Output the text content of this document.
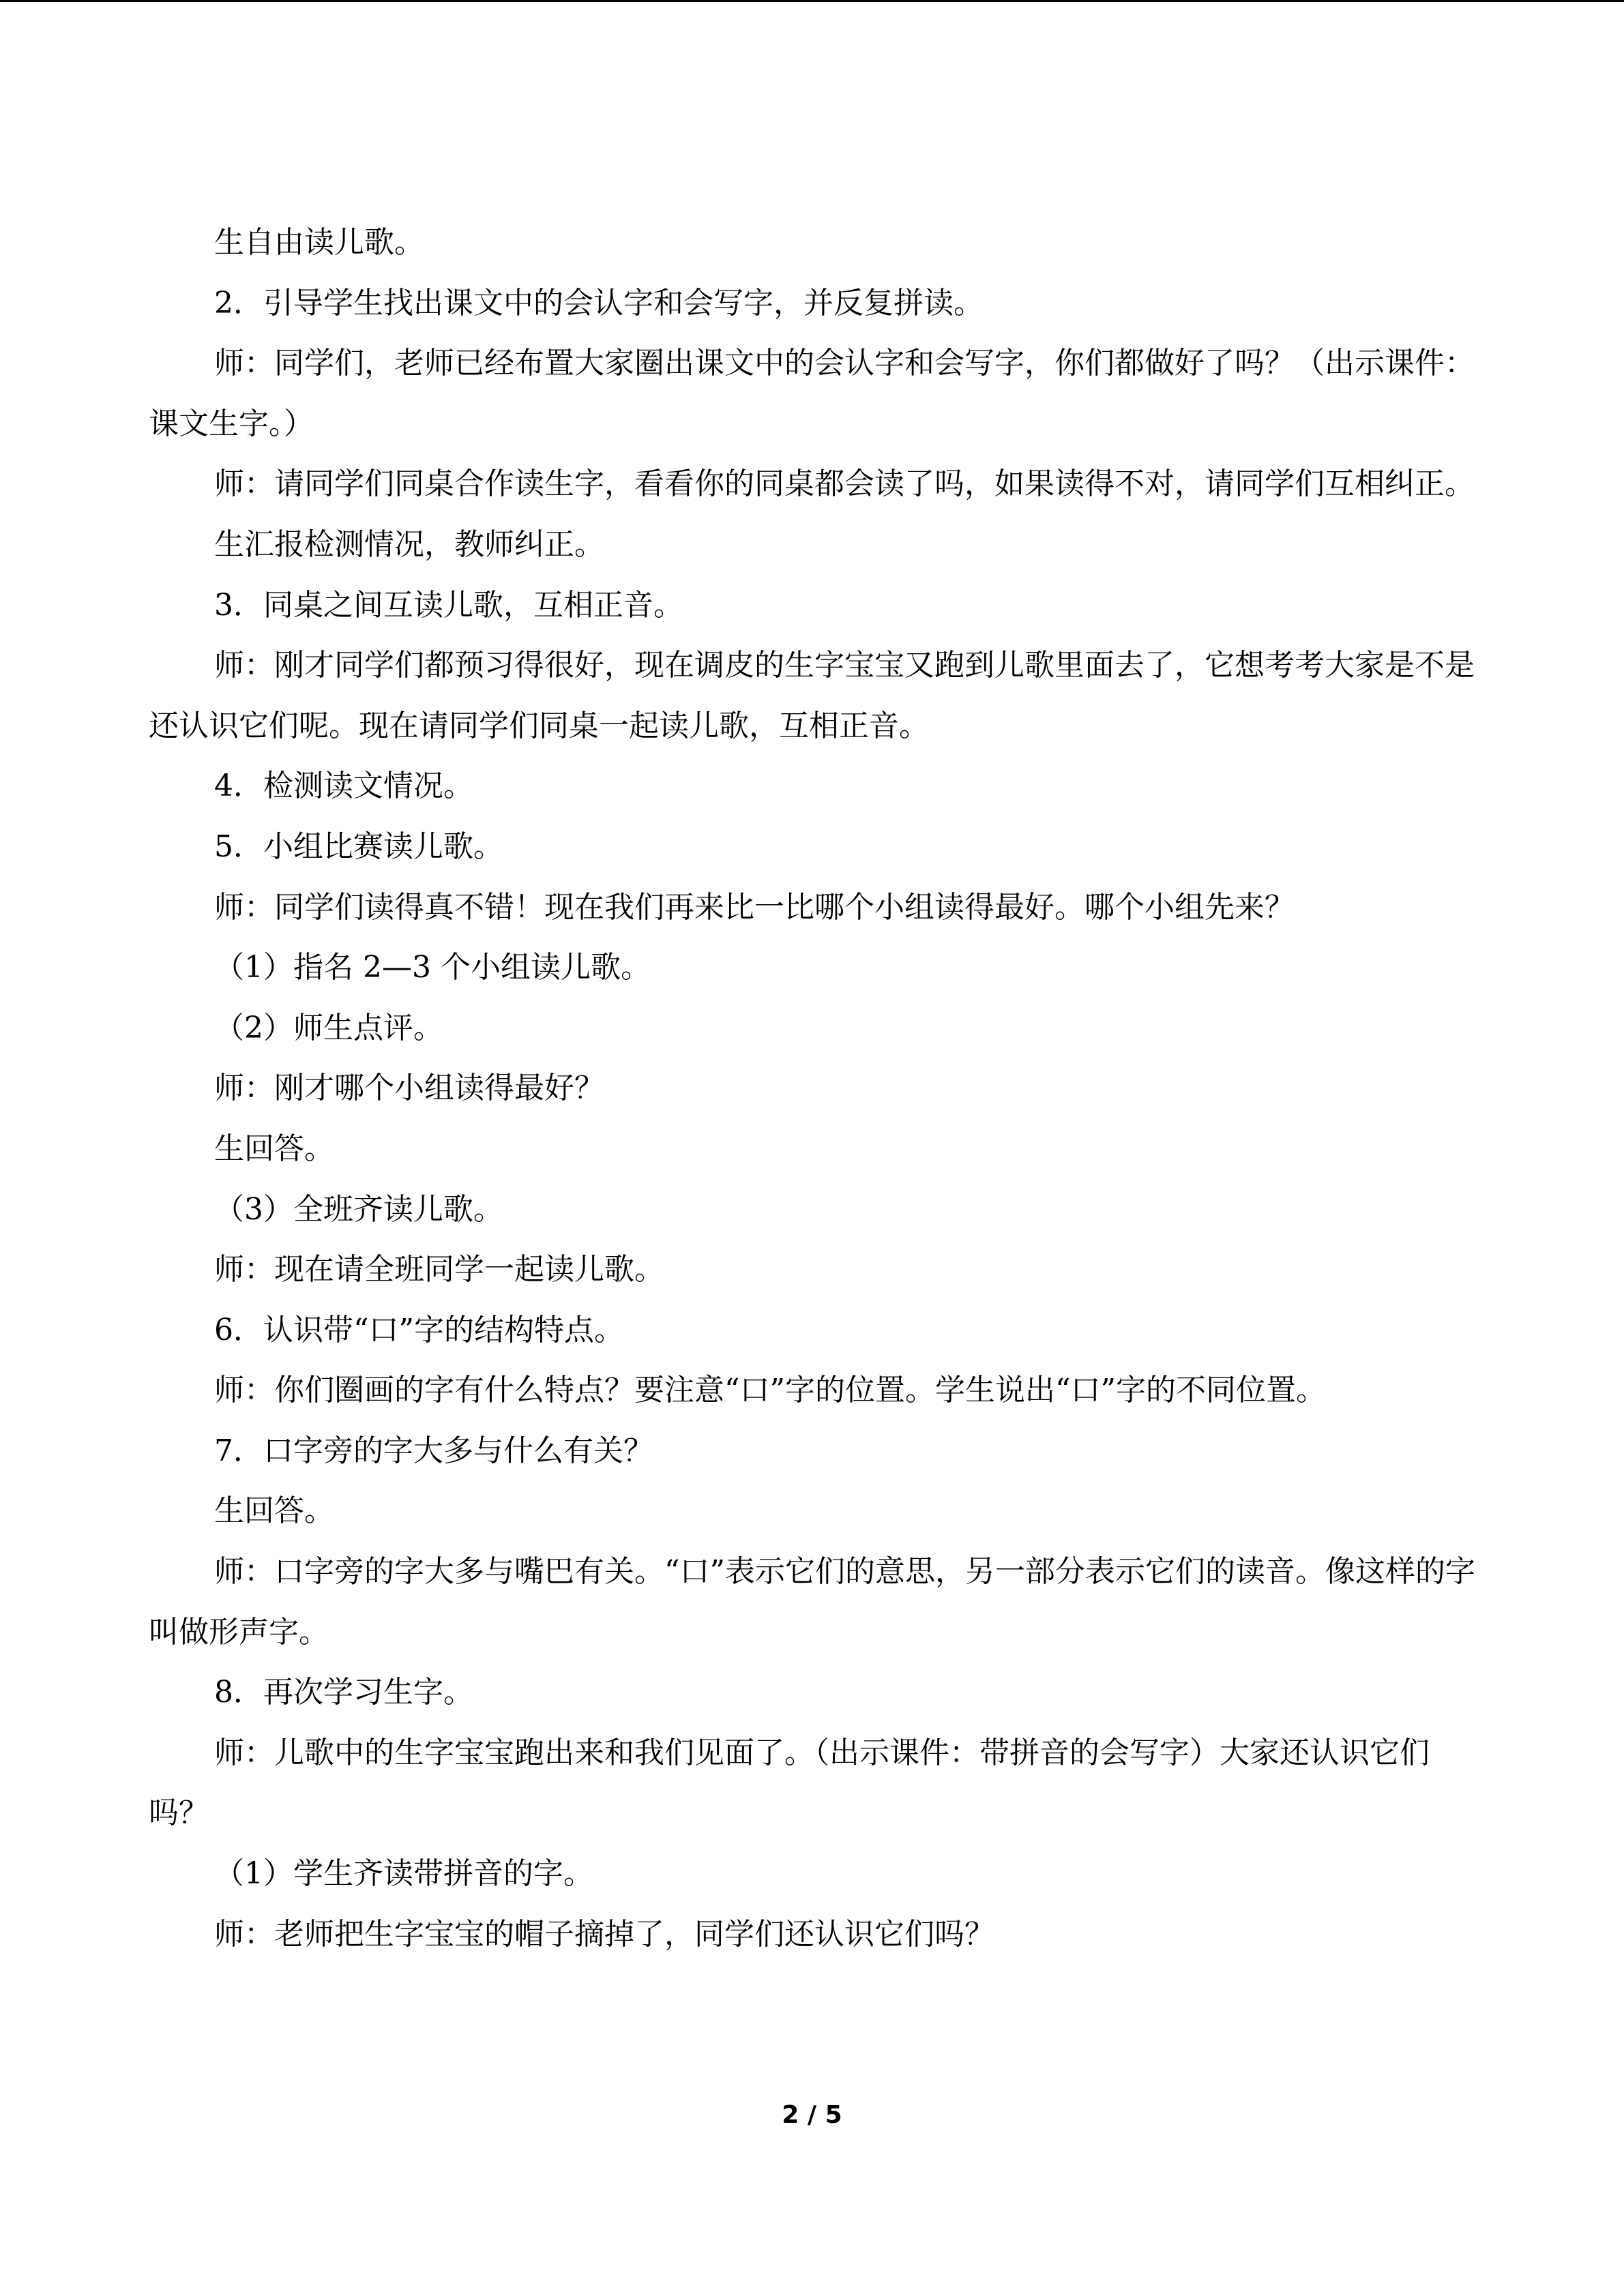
生自由读儿歌。

2．引导学生找出课文中的会认字和会写字，并反复拼读。

师：同学们，老师已经布置大家圈出课文中的会认字和会写字，你们都做好了吗？（出示课件：课文生字。）

师：请同学们同桌合作读生字，看看你的同桌都会读了吗，如果读得不对，请同学们互相纠正。

生汇报检测情况，教师纠正。

3．同桌之间互读儿歌，互相正音。

师：刚才同学们都预习得很好，现在调皮的生字宝宝又跑到儿歌里面去了，它想考考大家是不是还认识它们呢。现在请同学们同桌一起读儿歌，互相正音。

4．检测读文情况。

5．小组比赛读儿歌。

师：同学们读得真不错！现在我们再来比一比哪个小组读得最好。哪个小组先来？

（1）指名 2—3 个小组读儿歌。

（2）师生点评。

师：刚才哪个小组读得最好？

生回答。

（3）全班齐读儿歌。

师：现在请全班同学一起读儿歌。

6．认识带“口”字的结构特点。

师：你们圈画的字有什么特点？要注意“口”字的位置。学生说出“口”字的不同位置。

7．口字旁的字大多与什么有关？

生回答。

师：口字旁的字大多与嘴巴有关。“口”表示它们的意思，另一部分表示它们的读音。像这样的字叫做形声字。

8．再次学习生字。

师：儿歌中的生字宝宝跑出来和我们见面了。（出示课件：带拼音的会写字）大家还认识它们吗？

（1）学生齐读带拼音的字。

师：老师把生字宝宝的帽子摘掉了，同学们还认识它们吗？

2 / 5
